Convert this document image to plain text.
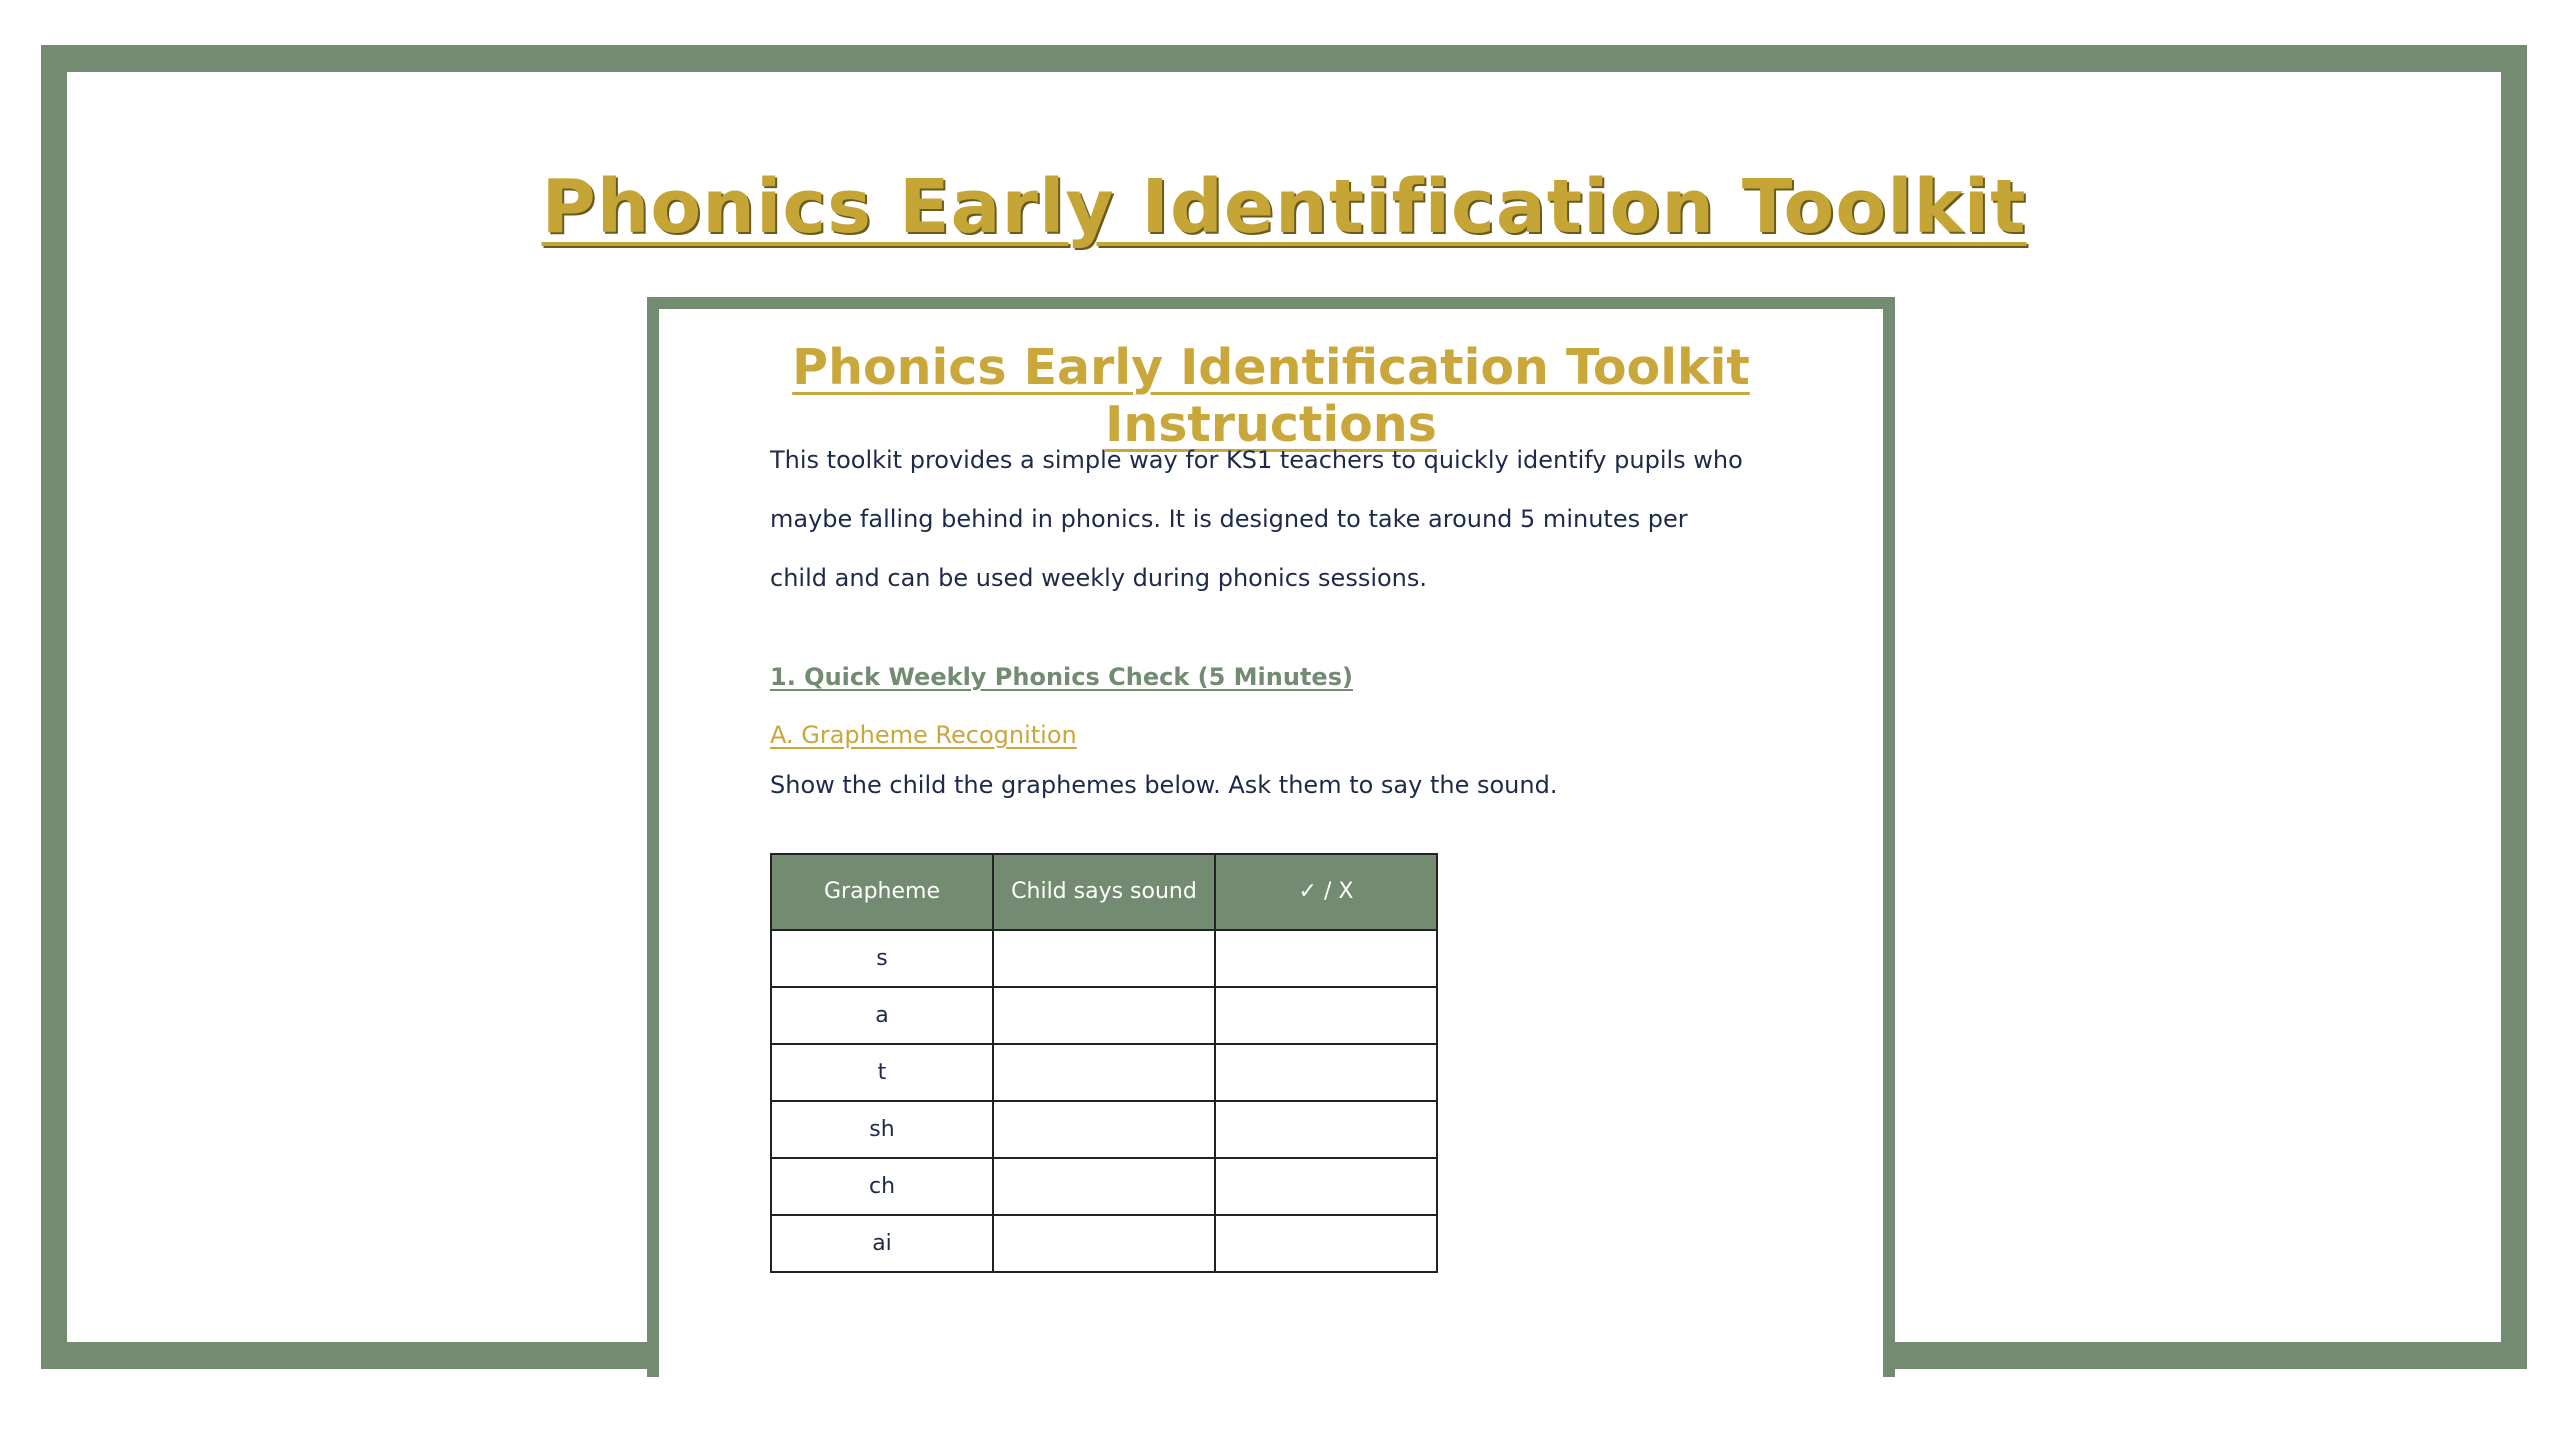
Phonics Early Identification Toolkit
Phonics Early Identification Toolkit Instructions
This toolkit provides a simple way for KS1 teachers to quickly identify pupils who
maybe falling behind in phonics. It is designed to take around 5 minutes per
child and can be used weekly during phonics sessions.
1. Quick Weekly Phonics Check (5 Minutes)
A. Grapheme Recognition
Show the child the graphemes below. Ask them to say the sound.
Grapheme	Child says sound	✓ / X
s		
a		
t		
sh		
ch		
ai		
